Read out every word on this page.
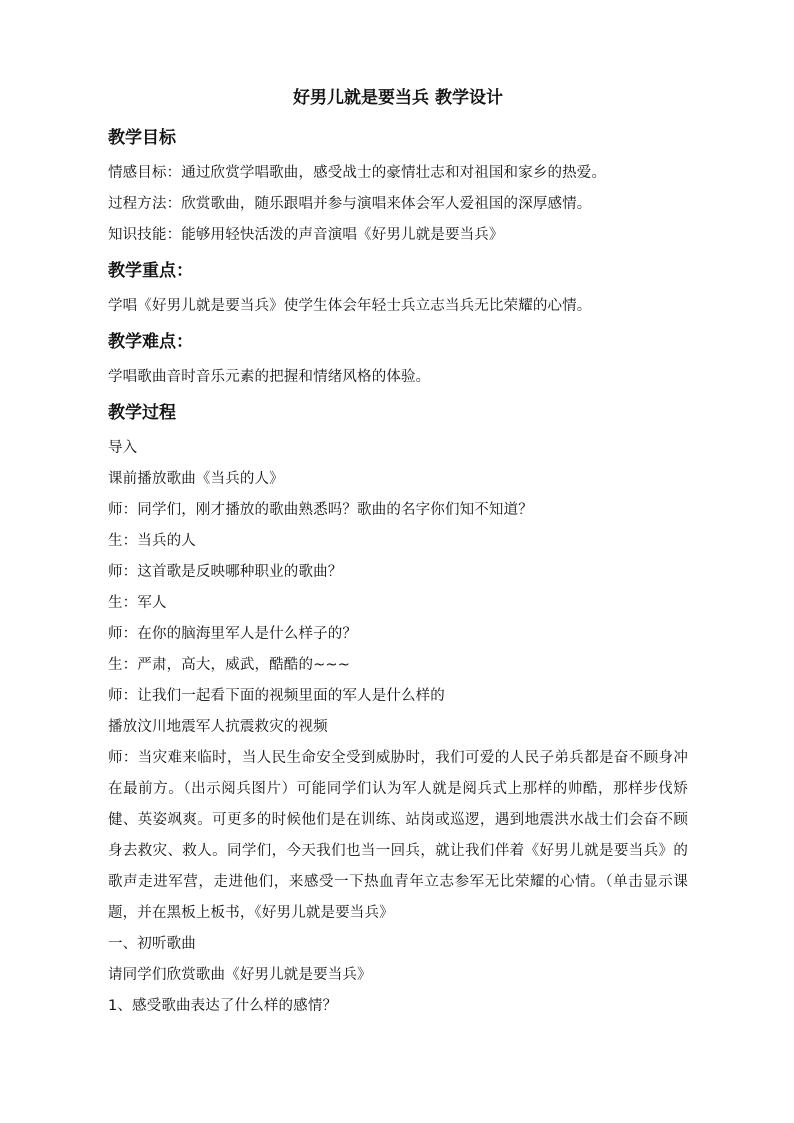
好男儿就是要当兵 教学设计
教学目标

情感目标：通过欣赏学唱歌曲，感受战士的豪情壮志和对祖国和家乡的热爱。

过程方法：欣赏歌曲，随乐跟唱并参与演唱来体会军人爱祖国的深厚感情。

知识技能：能够用轻快活泼的声音演唱《好男儿就是要当兵》

教学重点：

学唱《好男儿就是要当兵》使学生体会年轻士兵立志当兵无比荣耀的心情。

教学难点：

学唱歌曲音时音乐元素的把握和情绪风格的体验。

教学过程

导入

课前播放歌曲《当兵的人》

师：同学们，刚才播放的歌曲熟悉吗？歌曲的名字你们知不知道？

生：当兵的人

师：这首歌是反映哪种职业的歌曲？

生：军人

师：在你的脑海里军人是什么样子的？

生：严肃，高大，威武，酷酷的~~~

师：让我们一起看下面的视频里面的军人是什么样的

播放汶川地震军人抗震救灾的视频

师：当灾难来临时，当人民生命安全受到威胁时，我们可爱的人民子弟兵都是奋不顾身冲在最前方。（出示阅兵图片）可能同学们认为军人就是阅兵式上那样的帅酷，那样步伐矫健、英姿飒爽。可更多的时候他们是在训练、站岗或巡逻，遇到地震洪水战士们会奋不顾身去救灾、救人。同学们，今天我们也当一回兵，就让我们伴着《好男儿就是要当兵》的歌声走进军营，走进他们，来感受一下热血青年立志参军无比荣耀的心情。（单击显示课题，并在黑板上板书，《好男儿就是要当兵》

一、初听歌曲

请同学们欣赏歌曲《好男儿就是要当兵》

1、感受歌曲表达了什么样的感情？
